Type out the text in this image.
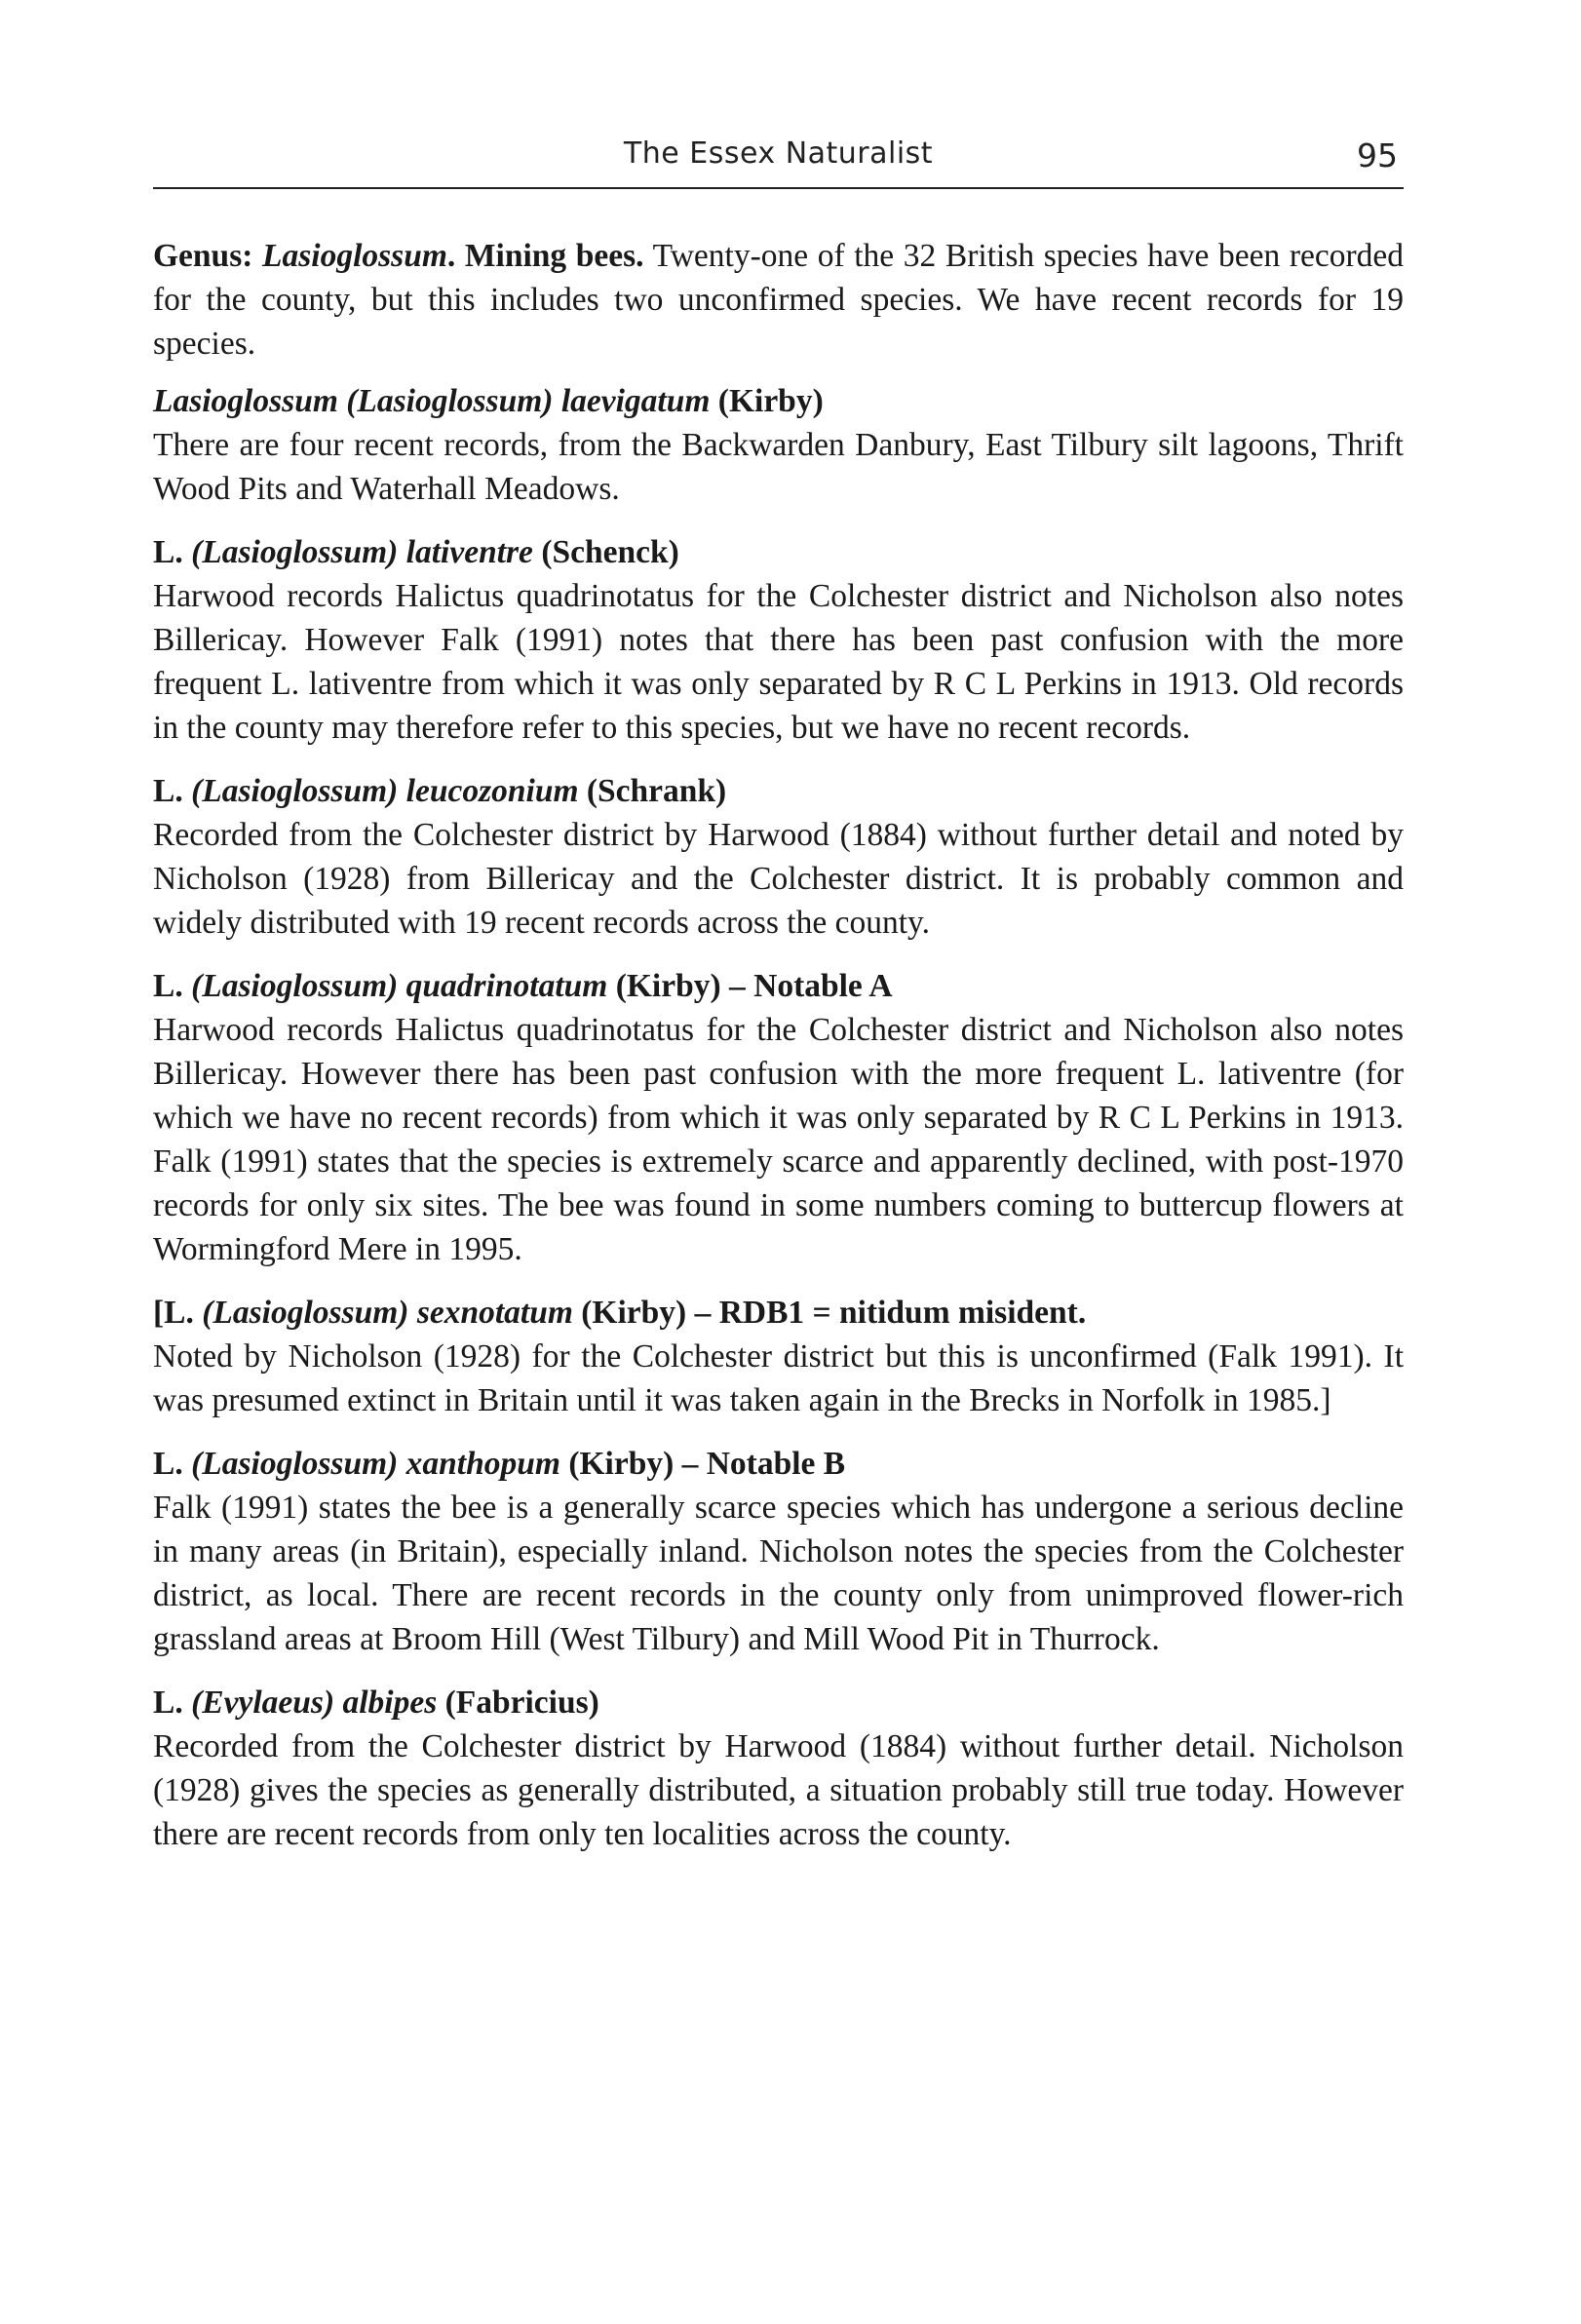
The Essex Naturalist	95

Genus: Lasioglossum. Mining bees. Twenty-one of the 32 British species have been recorded for the county, but this includes two unconfirmed species. We have recent records for 19 species.

Lasioglossum (Lasioglossum) laevigatum (Kirby)

There are four recent records, from the Backwarden Danbury, East Tilbury silt lagoons, Thrift Wood Pits and Waterhall Meadows.

L. (Lasioglossum) lativentre (Schenck)

Harwood records Halictus quadrinotatus for the Colchester district and Nicholson also notes Billericay. However Falk (1991) notes that there has been past confusion with the more frequent L. lativentre from which it was only separated by R C L Perkins in 1913. Old records in the county may therefore refer to this species, but we have no recent records.

L. (Lasioglossum) leucozonium (Schrank)

Recorded from the Colchester district by Harwood (1884) without further detail and noted by Nicholson (1928) from Billericay and the Colchester district. It is probably common and widely distributed with 19 recent records across the county.

L. (Lasioglossum) quadrinotatum (Kirby) – Notable A

Harwood records Halictus quadrinotatus for the Colchester district and Nicholson also notes Billericay. However there has been past confusion with the more frequent L. lativentre (for which we have no recent records) from which it was only separated by R C L Perkins in 1913. Falk (1991) states that the species is extremely scarce and apparently declined, with post-1970 records for only six sites. The bee was found in some numbers coming to buttercup flowers at Wormingford Mere in 1995.

[L. (Lasioglossum) sexnotatum (Kirby) – RDB1 = nitidum misident.

Noted by Nicholson (1928) for the Colchester district but this is unconfirmed (Falk 1991). It was presumed extinct in Britain until it was taken again in the Brecks in Norfolk in 1985.]

L. (Lasioglossum) xanthopum (Kirby) – Notable B

Falk (1991) states the bee is a generally scarce species which has undergone a serious decline in many areas (in Britain), especially inland. Nicholson notes the species from the Colchester district, as local. There are recent records in the county only from unimproved flower-rich grassland areas at Broom Hill (West Tilbury) and Mill Wood Pit in Thurrock.

L. (Evylaeus) albipes (Fabricius)

Recorded from the Colchester district by Harwood (1884) without further detail. Nicholson (1928) gives the species as generally distributed, a situation probably still true today. However there are recent records from only ten localities across the county.
